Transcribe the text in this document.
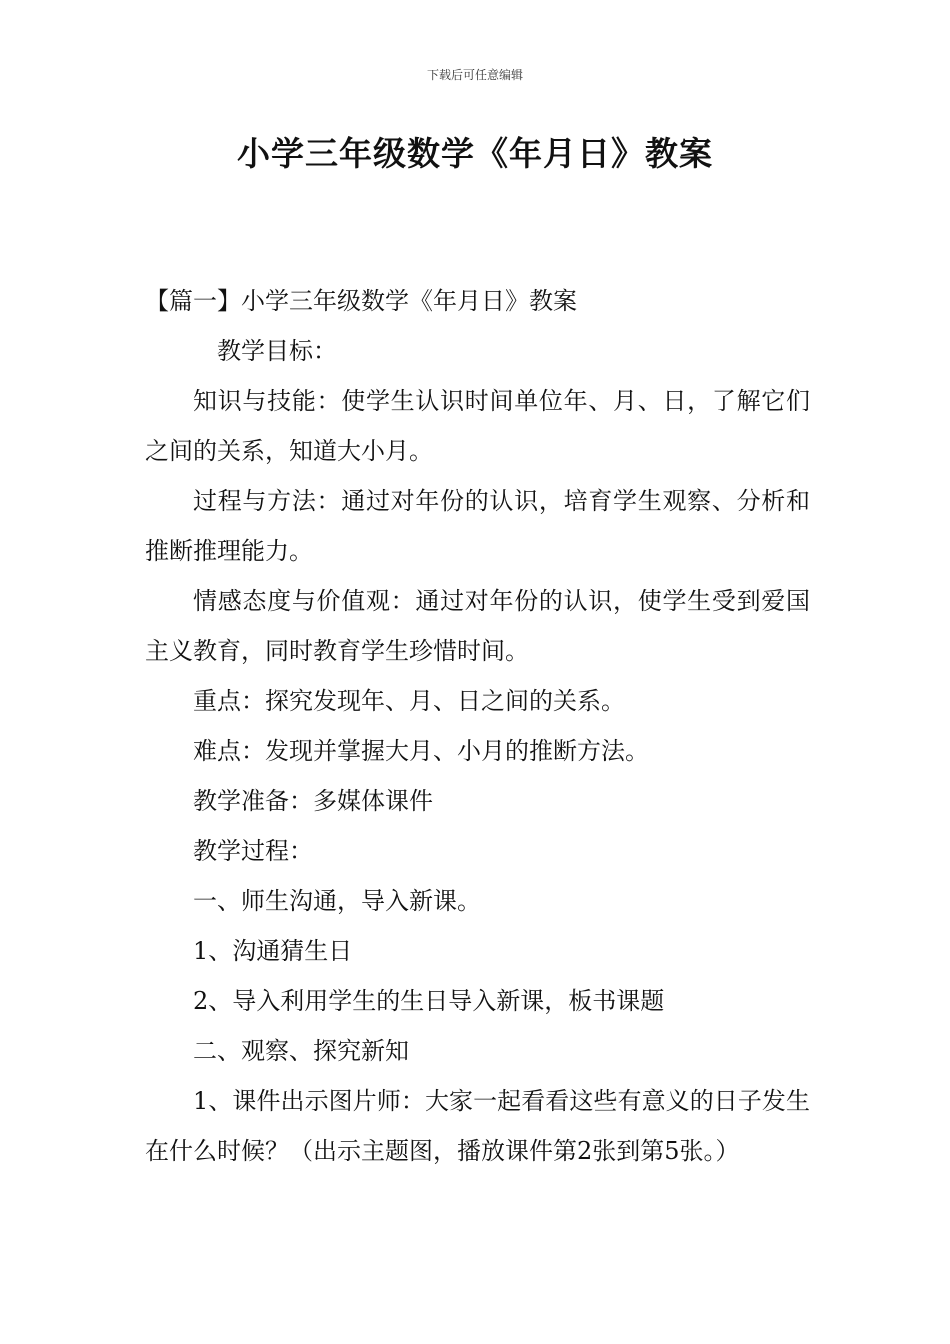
下载后可任意编辑
小学三年级数学《年月日》教案

【篇一】小学三年级数学《年月日》教案

教学目标：

知识与技能：使学生认识时间单位年、月、日，了解它们之间的关系，知道大小月。

过程与方法：通过对年份的认识，培育学生观察、分析和推断推理能力。

情感态度与价值观：通过对年份的认识，使学生受到爱国主义教育，同时教育学生珍惜时间。

重点：探究发现年、月、日之间的关系。

难点：发现并掌握大月、小月的推断方法。

教学准备：多媒体课件

教学过程：

一、师生沟通，导入新课。

1、沟通猜生日

2、导入利用学生的生日导入新课，板书课题

二、观察、探究新知

1、课件出示图片师：大家一起看看这些有意义的日子发生在什么时候？（出示主题图，播放课件第2张到第5张。）
